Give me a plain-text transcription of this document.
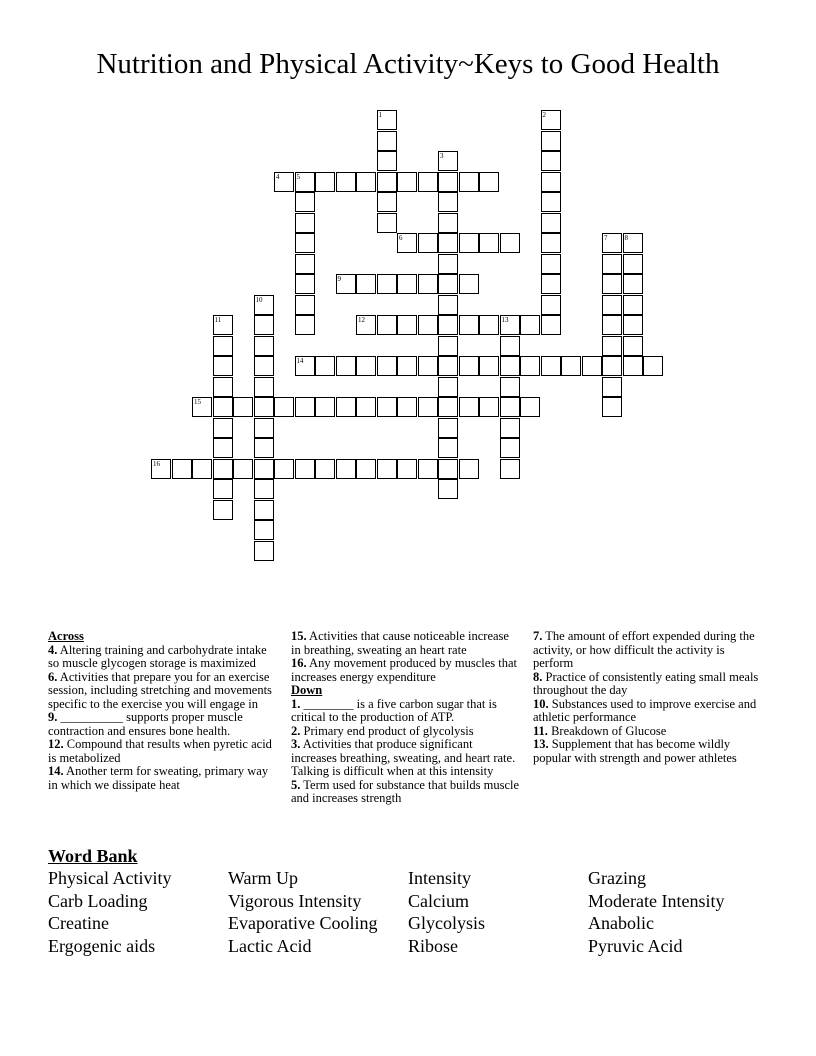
Nutrition and Physical Activity~Keys to Good Health
4 5
6
9
12	13
14
15
16
1	2
3
7 8
10
11
Across
4. Altering training and carbohydrate intake so muscle glycogen storage is maximized
6. Activities that prepare you for an exercise session, including stretching and movements specific to the exercise you will engage in
9. __________ supports proper muscle contraction and ensures bone health.
12. Compound that results when pyretic acid is metabolized
14. Another term for sweating, primary way in which we dissipate heat
15. Activities that cause noticeable increase in breathing, sweating an heart rate
16. Any movement produced by muscles that increases energy expenditure
Down
1. ________ is a five carbon sugar that is critical to the production of ATP.
2. Primary end product of glycolysis
3. Activities that produce significant increases breathing, sweating, and heart rate. Talking is difficult when at this intensity
5. Term used for substance that builds muscle and increases strength
7. The amount of effort expended during the activity, or how difficult the activity is perform
8. Practice of consistently eating small meals throughout the day
10. Substances used to improve exercise and athletic performance
11. Breakdown of Glucose
13. Supplement that has become wildly popular with strength and power athletes
Word Bank
Physical Activity	Warm Up	Intensity	Grazing
Carb Loading	Vigorous Intensity	Calcium	Moderate Intensity
Creatine	Evaporative Cooling	Glycolysis	Anabolic
Ergogenic aids	Lactic Acid	Ribose	Pyruvic Acid
